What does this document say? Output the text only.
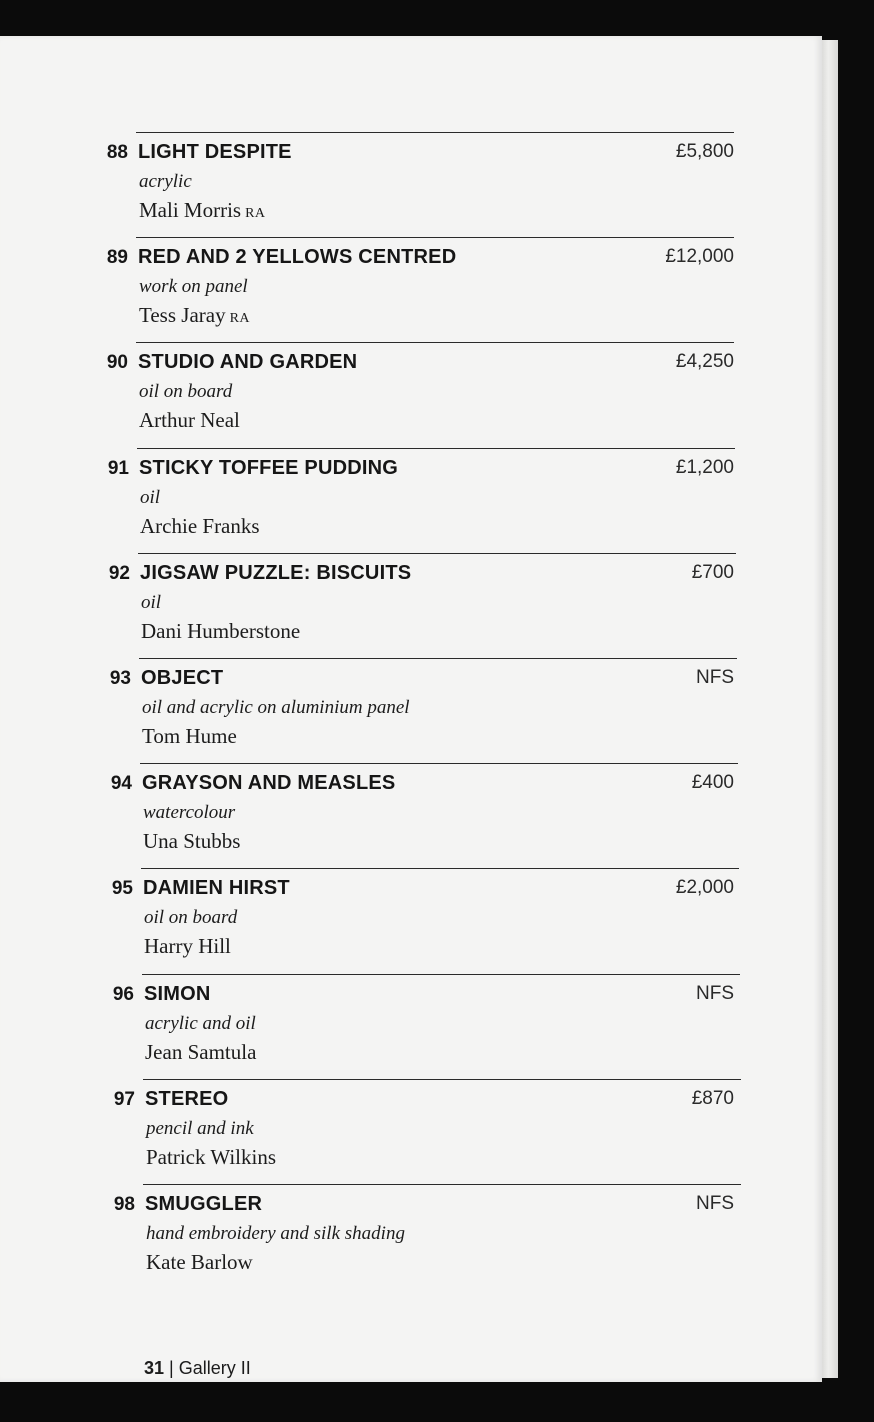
88 LIGHT DESPITE
acrylic
Mali Morris RA
£5,800
89 RED AND 2 YELLOWS CENTRED
work on panel
Tess Jaray RA
£12,000
90 STUDIO AND GARDEN
oil on board
Arthur Neal
£4,250
91 STICKY TOFFEE PUDDING
oil
Archie Franks
£1,200
92 JIGSAW PUZZLE: BISCUITS
oil
Dani Humberstone
£700
93 OBJECT
oil and acrylic on aluminium panel
Tom Hume
NFS
94 GRAYSON AND MEASLES
watercolour
Una Stubbs
£400
95 DAMIEN HIRST
oil on board
Harry Hill
£2,000
96 SIMON
acrylic and oil
Jean Samtula
NFS
97 STEREO
pencil and ink
Patrick Wilkins
£870
98 SMUGGLER
hand embroidery and silk shading
Kate Barlow
NFS
31 | Gallery II
